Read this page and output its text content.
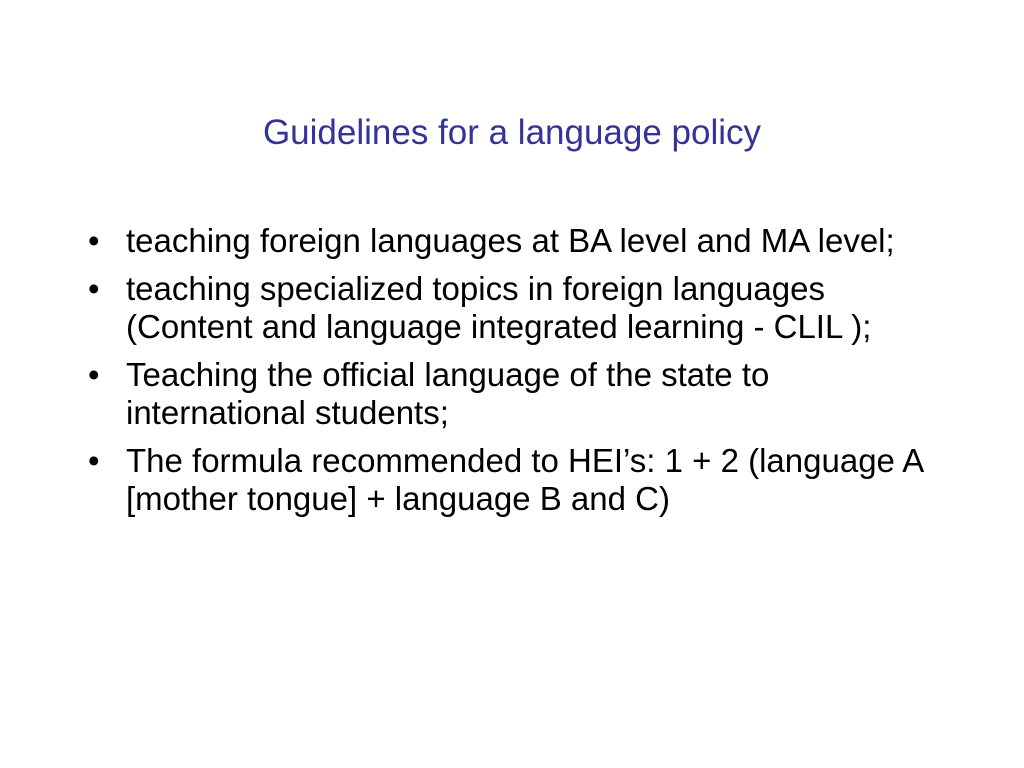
Guidelines for a language policy
• teaching foreign languages at BA level and MA level;
• teaching specialized topics in foreign languages (Content and language integrated learning - CLIL );
• Teaching the official language of the state to international students;
• The formula recommended to HEI’s: 1 + 2 (language A [mother tongue] + language B and C)
